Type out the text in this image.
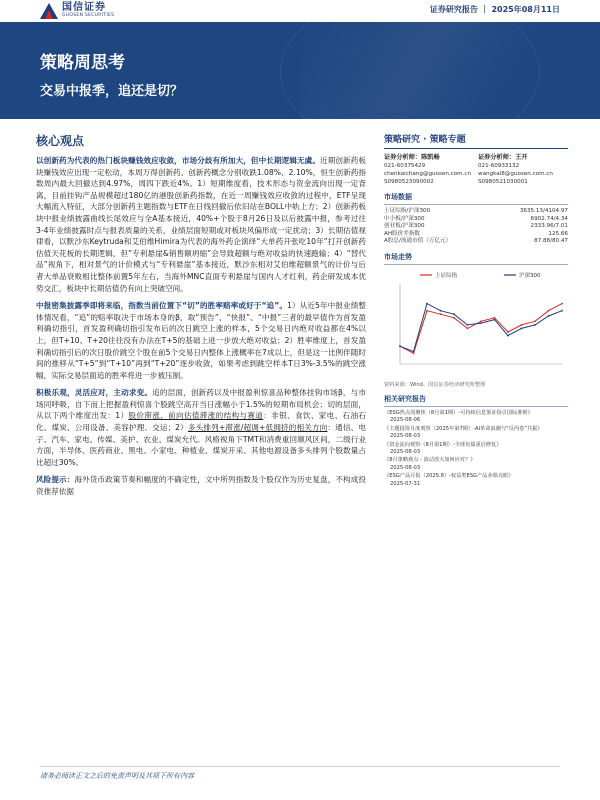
国信证券
GUOSEN SECURITIES
证券研究报告 ｜ 2025年08月11日
策略周思考
交易中报季，追还是切？
核心观点

以创新药为代表的热门板块赚钱效应收敛，市场分歧有所加大，但中长期逻辑无虞。近期创新药板块赚钱效应出现一定松动，本周万得创新药、创新药概念分别收跌1.08%、2.10%，恒生创新药指数周内最大回撤达到4.97%，周四下跌近4%。1）短期维度看，技术形态与资金流向出现一定背离，目前挂钩产品规模超过180亿的港股创新药指数，在近一周赚钱效应收敛的过程中，ETF呈现大幅流入特征，大部分创新药主题指数与ETF在日线回撤后依旧站在BOLL中轨上方；2）创新药板块中报业绩披露曲线长尾效应与全A基本接近，40%+个股于8月26日及以后披露中报，参考过往3-4年业绩披露时点与报表质量的关系，业绩层面短期或对板块风偏形成一定扰动；3）长期估值视律看，以默沙东Keytruda和艾伯维Himira为代表的海外药企演绎“大单药开张吃10年”打开创新药估值天花板的长期逻辑，但“专利悬崖&销售额坍缩”会导致超额与绝对收益的快速跑输；4）“替代品”视角下，相对景气的计价模式与“专利悬崖”基本接近，默沙东相对艾伯维超额景气的计价与后者大单品衰败相比整体前置5年左右，当海外MNC直面专利悬崖与国内人才红利，药企研发成本优势交汇，板块中长期估值仍有向上突破空间。

中报密集披露季即将来临，指数当前位置下“切”的胜率赔率或好于“追”。1）从近5年中报业绩整体情况看，“追”的赔率取决于市场本身的β，取“预告”、“快报”、“中报”三者的最早值作为首发盈利确切指引，首发盈利确切指引发布后的次日跳空上涨的样本，5个交易日内绝对收益都在4%以上，但T+10、T+20往往没有办法在T+5的基础上进一步放大绝对收益；2）胜率维度上，首发盈利确切指引后的次日股价跳空个股在前5个交易日内整体上涨概率在7成以上，但是这一比例伴随时间的推移从“T+5”到“T+10”再到“T+20”逐步收敛，如果考虑到跳空样本T日3%-3.5%的跳空涨幅，实际交易层面追的胜率将进一步被压制。

积极乐观，灵活应对，主动求变。追的层面，创新药以及中报盈利惊喜品种整体挂钩市场β，与市场同呼吸，自下而上把握盈利惊喜个股跳空高开当日涨幅小于1.5%的短期布局机会；切的层面，从以下两个维度出发：1）股价滞涨、前向估值滞涨的结构与赛道：非银、食饮、家电、石油石化、煤炭、公用设备、美容护理、交运；2）多头排列+滞涨/超调+低拥挤的相关方向：通信、电子、汽车、家电、传媒、美护、农业、煤炭允代。风格视角下TMT和消费重回顺风区间，二级行业方面，半导体、医药商业、黑电、小家电、种植业、煤炭开采、其他电源设备多头排列个股数量占比超过30%。

风险提示：海外货币政策节奏和幅度的不确定性，文中所列指数及个股仅作为历史复盘，不构成投资推荐依据

策略研究 · 策略专题
证券分析师：陈凯畅
021-60375429
chenkaichang@guosen.com.cn
S0980523090002
证券分析师：王开
021-60933132
wangkai8@guosen.com.cn
S0980521030001
市场数据
上证综指/沪深300	3635.13/4104.97
中小板/沪深300	6902.74/4.34
创业板/沪深300	2333.96/7.01
AH股价差指数	125.66
A股总/流通市值（万亿元）	87.88/80.47
市场走势
上证综指	沪深300
资料来源：Wind、国信证券经济研究所整理
相关研究报告
《ESG热点周聚焦（8月第1期）-可持续信息鉴证指引国际准则》
2025-08-06
《主题投资月度观察（2025年第7期）-AI革命浪潮与“反内卷”共振》
2025-08-03
《资金流向观察（8月第1期）-全球负债重启修复》
2025-08-03
《8月策略观点 - 波动放大如何应对？》
2025-08-03
《ESG产品月报（2025.8）-权益类ESG产品业绩亮眼》
2025-07-31
请务必阅读正文之后的免责声明及其项下所有内容
